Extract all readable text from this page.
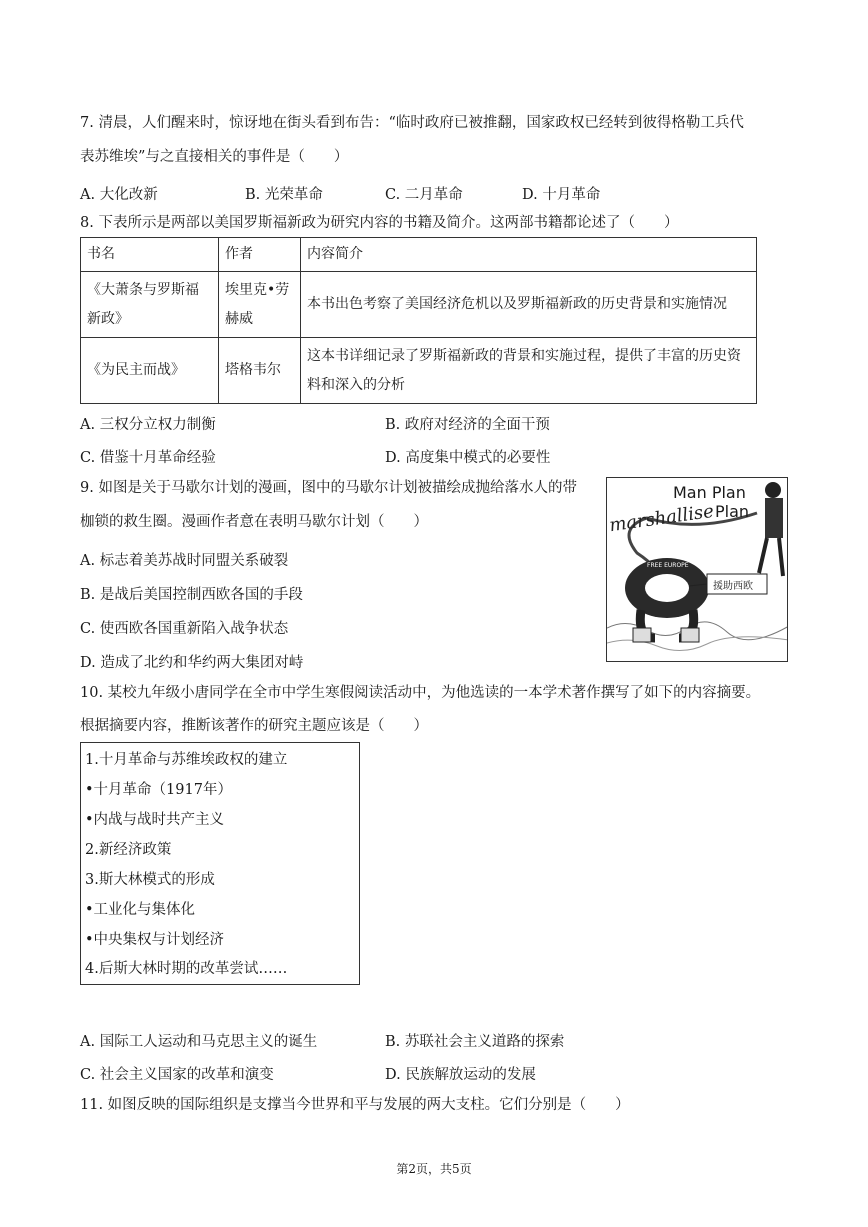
7. 清晨，人们醒来时，惊讶地在街头看到布告：“临时政府已被推翻，国家政权已经转到彼得格勒工兵代
表苏维埃”与之直接相关的事件是（　　）
A. 大化改新	B. 光荣革命	C. 二月革命	D. 十月革命
8. 下表所示是两部以美国罗斯福新政为研究内容的书籍及简介。这两部书籍都论述了（　　）
书名	作者	内容简介
《大萧条与罗斯福新政》	埃里克•劳赫威	本书出色考察了美国经济危机以及罗斯福新政的历史背景和实施情况
《为民主而战》	塔格韦尔	这本书详细记录了罗斯福新政的背景和实施过程，提供了丰富的历史资料和深入的分析
A. 三权分立权力制衡	B. 政府对经济的全面干预
C. 借鉴十月革命经验	D. 高度集中模式的必要性
9. 如图是关于马歇尔计划的漫画，图中的马歇尔计划被描绘成抛给落水人的带
枷锁的救生圈。漫画作者意在表明马歇尔计划（　　）
A. 标志着美苏战时同盟关系破裂
B. 是战后美国控制西欧各国的手段
C. 使西欧各国重新陷入战争状态
D. 造成了北约和华约两大集团对峙
Man Plan
Plan
marshallise
FREE EUROPE
援助西欧
10. 某校九年级小唐同学在全市中学生寒假阅读活动中，为他选读的一本学术著作撰写了如下的内容摘要。
根据摘要内容，推断该著作的研究主题应该是（　　）
1.十月革命与苏维埃政权的建立
•十月革命（1917年）
•内战与战时共产主义
2.新经济政策
3.斯大林模式的形成
•工业化与集体化
•中央集权与计划经济
4.后斯大林时期的改革尝试……
A. 国际工人运动和马克思主义的诞生	B. 苏联社会主义道路的探索
C. 社会主义国家的改革和演变	D. 民族解放运动的发展
11. 如图反映的国际组织是支撑当今世界和平与发展的两大支柱。它们分别是（　　）
第2页，共5页
